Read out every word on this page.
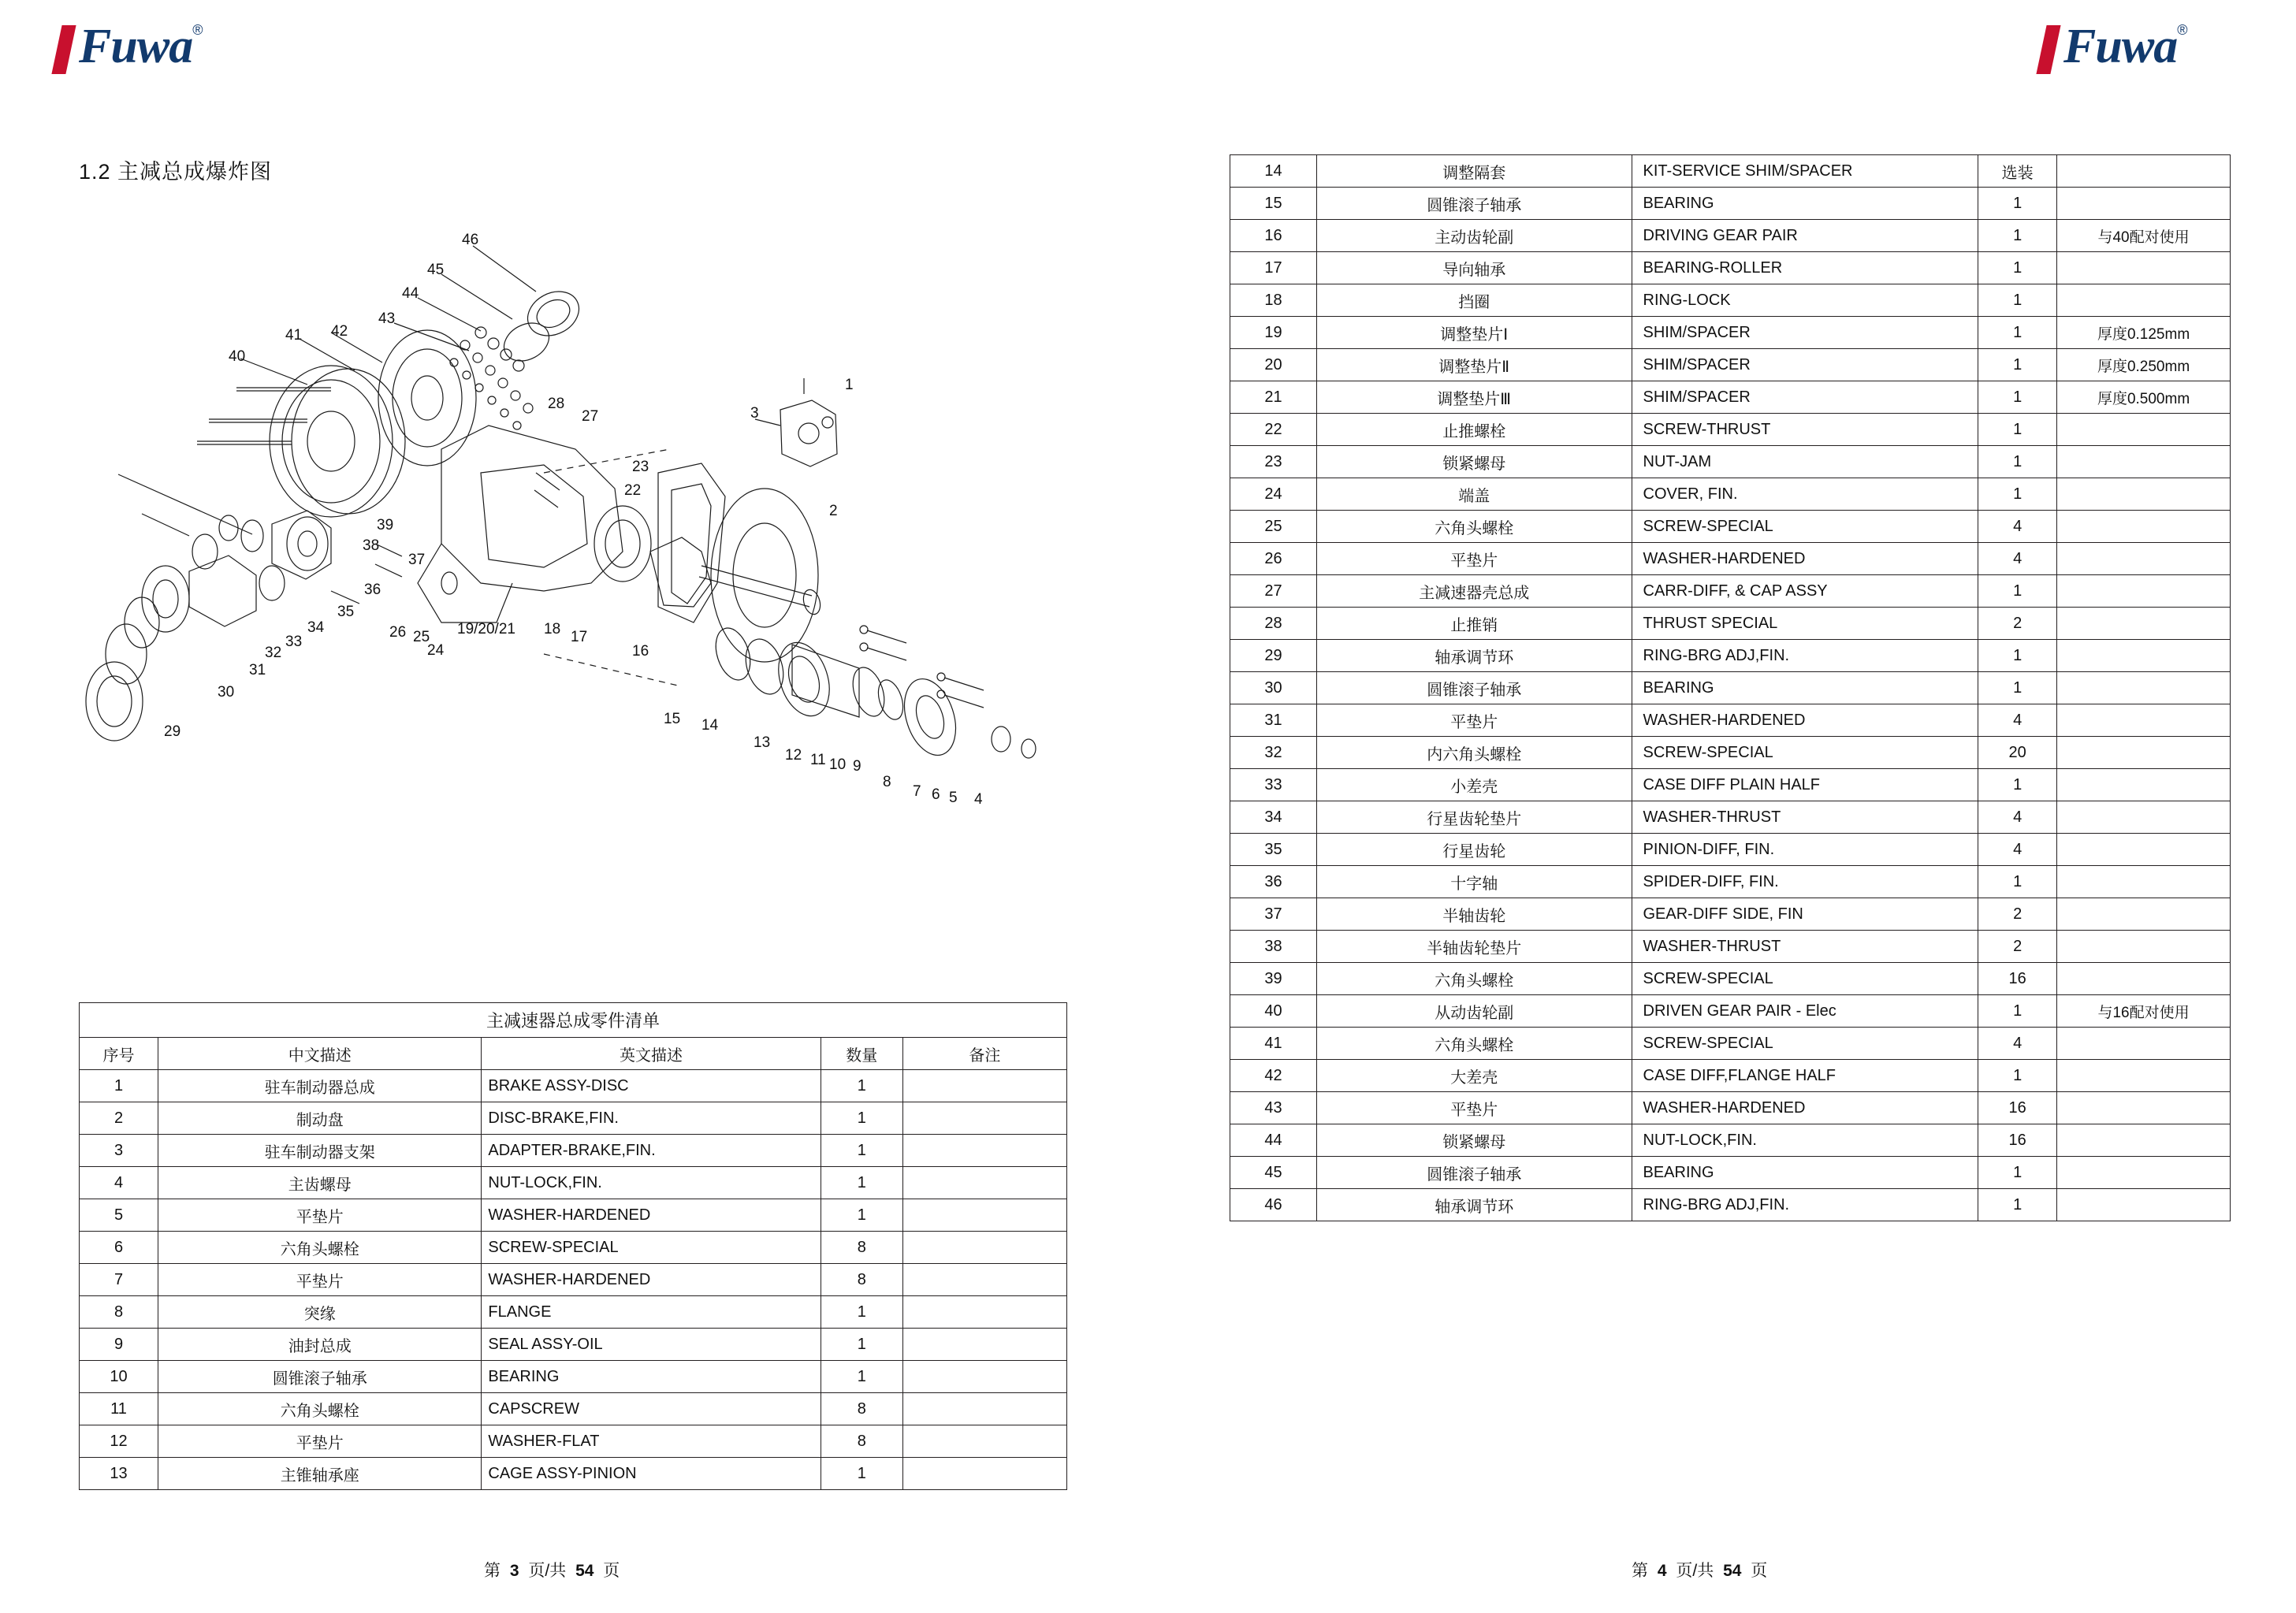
Fuwa ®	Fuwa ®
1.2 主减总成爆炸图
46
45
44
43
41 42
40
28
27
23
22
3
1
2
39
38
37
36
35
34
33
32
31
30
29
26 25
24
19/20/21 18 17
16
15 14
13
12 11 10 9
8
7 6 5 4
主减速器总成零件清单				
序号	中文描述	英文描述	数量	备注
1	驻车制动器总成	BRAKE ASSY-DISC	1	
2	制动盘	DISC-BRAKE,FIN.	1	
3	驻车制动器支架	ADAPTER-BRAKE,FIN.	1	
4	主齿螺母	NUT-LOCK,FIN.	1	
5	平垫片	WASHER-HARDENED	1	
6	六角头螺栓	SCREW-SPECIAL	8	
7	平垫片	WASHER-HARDENED	8	
8	突缘	FLANGE	1	
9	油封总成	SEAL ASSY-OIL	1	
10	圆锥滚子轴承	BEARING	1	
11	六角头螺栓	CAPSCREW	8	
12	平垫片	WASHER-FLAT	8	
13	主锥轴承座	CAGE ASSY-PINION	1	
14	调整隔套	KIT-SERVICE SHIM/SPACER	选装	
15	圆锥滚子轴承	BEARING	1	
16	主动齿轮副	DRIVING GEAR PAIR	1	与40配对使用
17	导向轴承	BEARING-ROLLER	1	
18	挡圈	RING-LOCK	1	
19	调整垫片Ⅰ	SHIM/SPACER	1	厚度0.125mm
20	调整垫片Ⅱ	SHIM/SPACER	1	厚度0.250mm
21	调整垫片Ⅲ	SHIM/SPACER	1	厚度0.500mm
22	止推螺栓	SCREW-THRUST	1	
23	锁紧螺母	NUT-JAM	1	
24	端盖	COVER, FIN.	1	
25	六角头螺栓	SCREW-SPECIAL	4	
26	平垫片	WASHER-HARDENED	4	
27	主减速器壳总成	CARR-DIFF, & CAP ASSY	1	
28	止推销	THRUST SPECIAL	2	
29	轴承调节环	RING-BRG ADJ,FIN.	1	
30	圆锥滚子轴承	BEARING	1	
31	平垫片	WASHER-HARDENED	4	
32	内六角头螺栓	SCREW-SPECIAL	20	
33	小差壳	CASE DIFF PLAIN HALF	1	
34	行星齿轮垫片	WASHER-THRUST	4	
35	行星齿轮	PINION-DIFF, FIN.	4	
36	十字轴	SPIDER-DIFF, FIN.	1	
37	半轴齿轮	GEAR-DIFF SIDE, FIN	2	
38	半轴齿轮垫片	WASHER-THRUST	2	
39	六角头螺栓	SCREW-SPECIAL	16	
40	从动齿轮副	DRIVEN GEAR PAIR - Elec	1	与16配对使用
41	六角头螺栓	SCREW-SPECIAL	4	
42	大差壳	CASE DIFF,FLANGE HALF	1	
43	平垫片	WASHER-HARDENED	16	
44	锁紧螺母	NUT-LOCK,FIN.	16	
45	圆锥滚子轴承	BEARING	1	
46	轴承调节环	RING-BRG ADJ,FIN.	1	
第 3 页/共 54 页	第 4 页/共 54 页
